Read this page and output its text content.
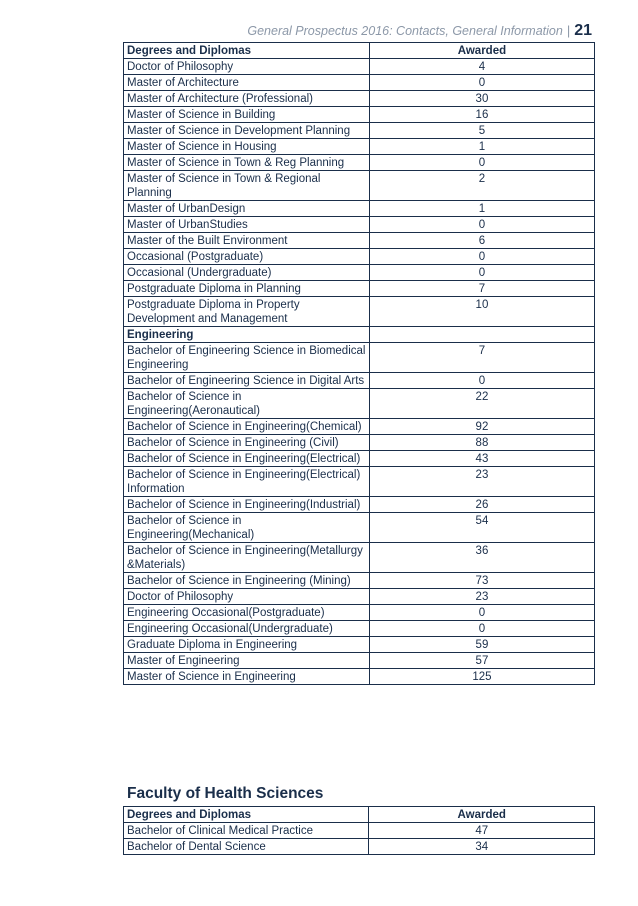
General Prospectus 2016: Contacts, General Information | 21
Degrees and Diplomas	Awarded
Doctor of Philosophy	4
Master of Architecture	0
Master of Architecture (Professional)	30
Master of Science in Building	16
Master of Science in Development Planning	5
Master of Science in Housing	1
Master of Science in Town & Reg Planning	0
Master of Science in Town & Regional Planning	2
Master of UrbanDesign	1
Master of UrbanStudies	0
Master of the Built Environment	6
Occasional (Postgraduate)	0
Occasional (Undergraduate)	0
Postgraduate Diploma in Planning	7
Postgraduate Diploma in Property Development and Management	10
Engineering	
Bachelor of Engineering Science in Biomedical Engineering	7
Bachelor of Engineering Science in Digital Arts	0
Bachelor of Science in Engineering(Aeronautical)	22
Bachelor of Science in Engineering(Chemical)	92
Bachelor of Science in Engineering (Civil)	88
Bachelor of Science in Engineering(Electrical)	43
Bachelor of Science in Engineering(Electrical) Information	23
Bachelor of Science in Engineering(Industrial)	26
Bachelor of Science in Engineering(Mechanical)	54
Bachelor of Science in Engineering(Metallurgy &Materials)	36
Bachelor of Science in Engineering (Mining)	73
Doctor of Philosophy	23
Engineering Occasional(Postgraduate)	0
Engineering Occasional(Undergraduate)	0
Graduate Diploma in Engineering	59
Master of Engineering	57
Master of Science in Engineering	125
Faculty of Health Sciences
Degrees and Diplomas	Awarded
Bachelor of Clinical Medical Practice	47
Bachelor of Dental Science	34
